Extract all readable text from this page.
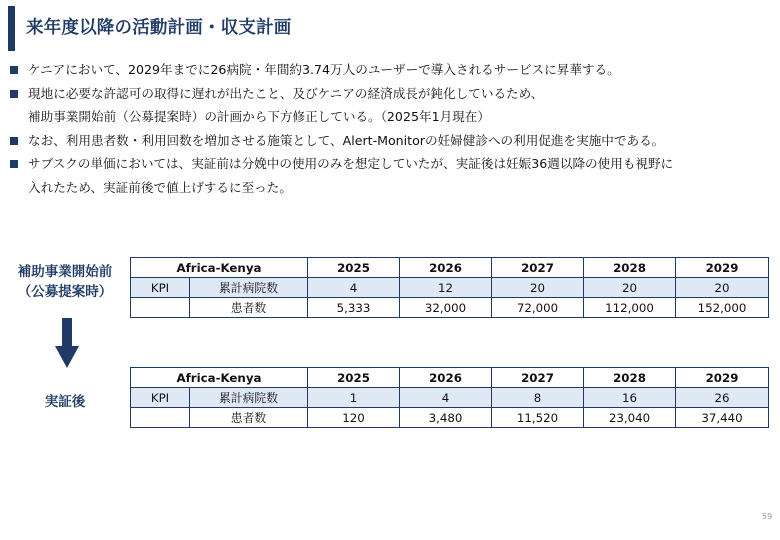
来年度以降の活動計画・収支計画
ケニアにおいて、2029年までに26病院・年間約3.74万人のユーザーで導入されるサービスに昇華する。
現地に必要な許認可の取得に遅れが出たこと、及びケニアの経済成長が鈍化しているため、
補助事業開始前（公募提案時）の計画から下方修正している。（2025年1月現在）
なお、利用患者数・利用回数を増加させる施策として、Alert-Monitorの妊婦健診への利用促進を実施中である。
サブスクの単価においては、実証前は分娩中の使用のみを想定していたが、実証後は妊娠36週以降の使用も視野に
入れたため、実証前後で値上げするに至った。
補助事業開始前
（公募提案時）
実証後
Africa-Kenya		2025	2026	2027	2028	2029
KPI	累計病院数	4	12	20	20	20
	患者数	5,333	32,000	72,000	112,000	152,000
Africa-Kenya		2025	2026	2027	2028	2029
KPI	累計病院数	1	4	8	16	26
	患者数	120	3,480	11,520	23,040	37,440
59
